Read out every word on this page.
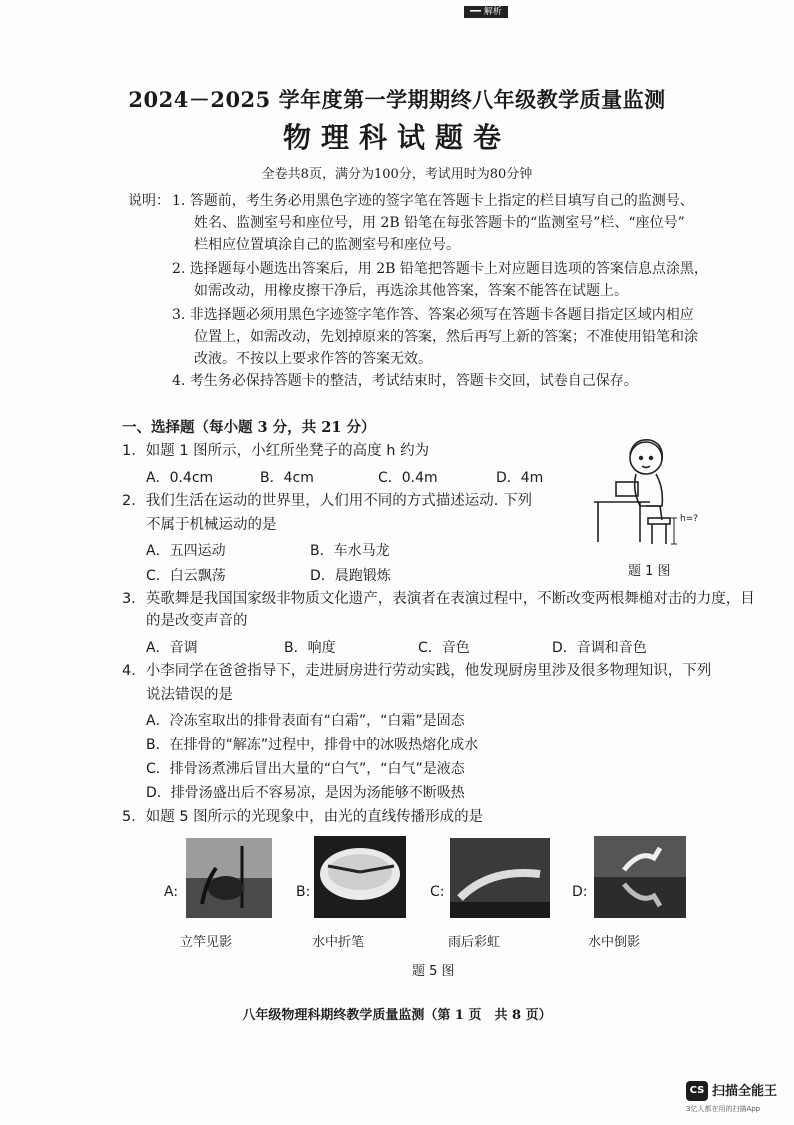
━━ 解析
2024－2025 学年度第一学期期终八年级教学质量监测
物理科试题卷
全卷共8页，满分为100分，考试用时为80分钟
说明： 1. 答题前，考生务必用黑色字迹的签字笔在答题卡上指定的栏目填写自己的监测号、
姓名、监测室号和座位号，用 2B 铅笔在每张答题卡的“监测室号”栏、“座位号”
栏相应位置填涂自己的监测室号和座位号。
2. 选择题每小题选出答案后，用 2B 铅笔把答题卡上对应题目选项的答案信息点涂黑，
如需改动，用橡皮擦干净后，再选涂其他答案，答案不能答在试题上。
3. 非选择题必须用黑色字迹签字笔作答、答案必须写在答题卡各题目指定区域内相应
位置上，如需改动，先划掉原来的答案，然后再写上新的答案；不准使用铅笔和涂
改液。不按以上要求作答的答案无效。
4. 考生务必保持答题卡的整洁，考试结束时，答题卡交回，试卷自己保存。
一、选择题（每小题 3 分，共 21 分）
1．如题 1 图所示，小红所坐凳子的高度 h 约为
A．0.4cm	B．4cm	C．0.4m	D．4m
h=?
题 1 图
2．我们生活在运动的世界里，人们用不同的方式描述运动. 下列
不属于机械运动的是
A．五四运动	B．车水马龙
C．白云飘荡	D．晨跑锻炼
3．英歌舞是我国国家级非物质文化遗产，表演者在表演过程中，不断改变两根舞槌对击的力度，目的是改变声音的
A．音调	B．响度	C．音色	D．音调和音色
4．小李同学在爸爸指导下，走进厨房进行劳动实践，他发现厨房里涉及很多物理知识，下列
说法错误的是
A．冷冻室取出的排骨表面有“白霜”，“白霜”是固态
B．在排骨的“解冻”过程中，排骨中的冰吸热熔化成水
C．排骨汤煮沸后冒出大量的“白气”，“白气”是液态
D．排骨汤盛出后不容易凉，是因为汤能够不断吸热
5．如题 5 图所示的光现象中，由光的直线传播形成的是
A:	B:	C:	D:
立竿见影	水中折笔	雨后彩虹	水中倒影
题 5 图
八年级物理科期终教学质量监测（第 1 页　共 8 页）
CS 扫描全能王
3亿人都在用的扫描App
